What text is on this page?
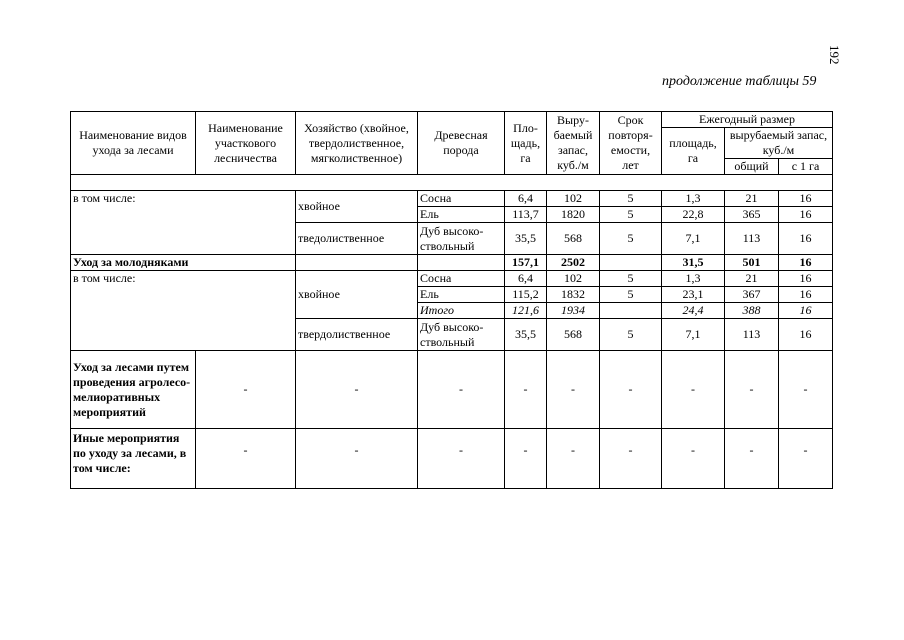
192
продолжение таблицы 59
Наименование видов ухода за лесами	Наименование участкового лесничества	Хозяйство (хвойное, твердолиственное, мягколиственное)	Древесная порода	Пло-щадь, га	Выру-баемый запас, куб./м	Срок повторя-емости, лет	Ежегодный размер		
							площадь, га	вырубаемый запас, куб./м	
								общий	с 1 га

в том числе:		хвойное	Сосна	6,4	102	5	1,3	21	16
			Ель	113,7	1820	5	22,8	365	16
		тведолиственное	Дуб высоко-ствольный	35,5	568	5	7,1	113	16
Уход за молодняками				157,1	2502		31,5	501	16
в том числе:		хвойное	Сосна	6,4	102	5	1,3	21	16
			Ель	115,2	1832	5	23,1	367	16
			Итого	121,6	1934		24,4	388	16
		твердолиственное	Дуб высоко-ствольный	35,5	568	5	7,1	113	16
Уход за лесами путем проведения агролесо-мелиоративных мероприятий	-	-	-	-	-	-	-	-	-
Иные мероприятия по уходу за лесами, в том числе:	-	-	-	-	-	-	-	-	-
